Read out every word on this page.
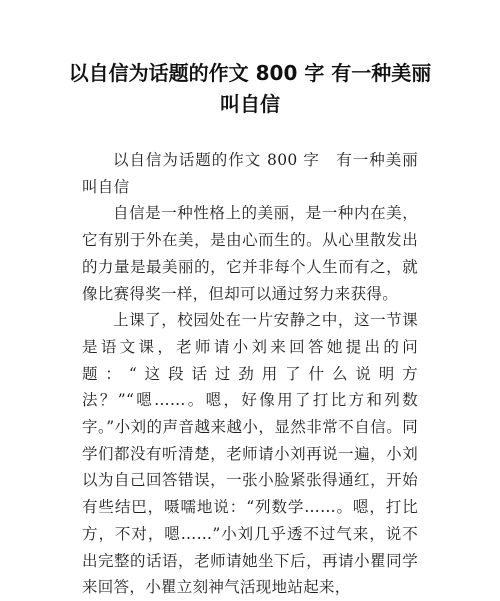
以自信为话题的作文 800 字 有一种美丽叫自信

以自信为话题的作文 800 字　有一种美丽叫自信

自信是一种性格上的美丽，是一种内在美，它有别于外在美，是由心而生的。从心里散发出的力量是最美丽的，它并非每个人生而有之，就像比赛得奖一样，但却可以通过努力来获得。

上课了，校园处在一片安静之中，这一节课是语文课，老师请小刘来回答她提出的问题：“这段话过劲用了什么说明方法？”“嗯……。嗯，好像用了打比方和列数字。”小刘的声音越来越小，显然非常不自信。同学们都没有听清楚，老师请小刘再说一遍，小刘以为自己回答错误，一张小脸紧张得通红，开始有些结巴，嗫嚅地说：“列数学……。嗯，打比方，不对，嗯……”小刘几乎透不过气来，说不出完整的话语，老师请她坐下后，再请小瞿同学来回答，小瞿立刻神气活现地站起来，
